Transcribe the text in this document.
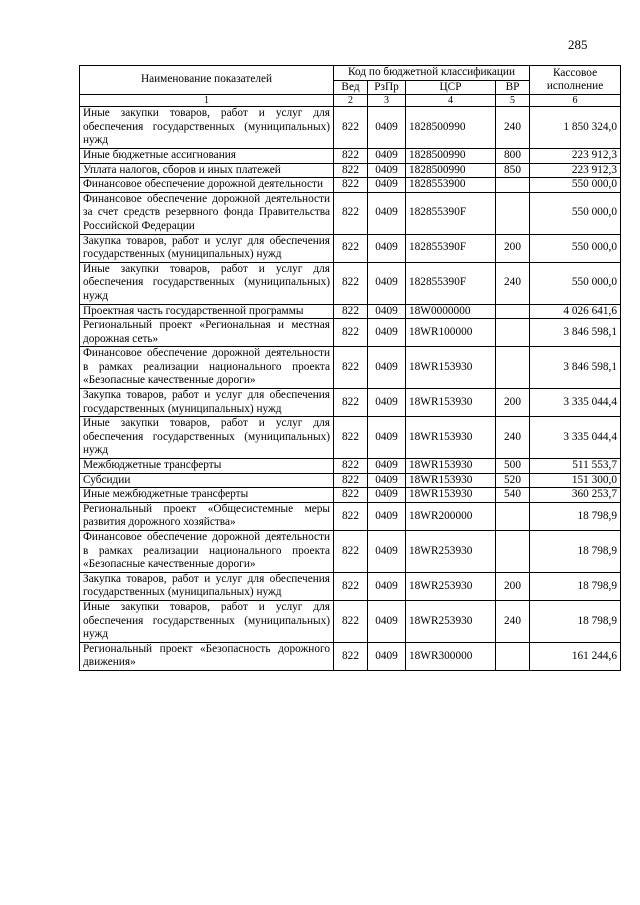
285
Наименование показателей	Код по бюджетной классификации				Кассовое исполнение
	Вед	РзПр	ЦСР	ВР	
1	2	3	4	5	6
Иные закупки товаров, работ и услуг для обеспечения государственных (муниципальных) нужд	822	0409	1828500990	240	1 850 324,0
Иные бюджетные ассигнования	822	0409	1828500990	800	223 912,3
Уплата налогов, сборов и иных платежей	822	0409	1828500990	850	223 912,3
Финансовое обеспечение дорожной деятельности	822	0409	1828553900		550 000,0
Финансовое обеспечение дорожной деятельности за счет средств резервного фонда Правительства Российской Федерации	822	0409	182855390F		550 000,0
Закупка товаров, работ и услуг для обеспечения государственных (муниципальных) нужд	822	0409	182855390F	200	550 000,0
Иные закупки товаров, работ и услуг для обеспечения государственных (муниципальных) нужд	822	0409	182855390F	240	550 000,0
Проектная часть государственной программы	822	0409	18W0000000		4 026 641,6
Региональный проект «Региональная и местная дорожная сеть»	822	0409	18WR100000		3 846 598,1
Финансовое обеспечение дорожной деятельности в рамках реализации национального проекта «Безопасные качественные дороги»	822	0409	18WR153930		3 846 598,1
Закупка товаров, работ и услуг для обеспечения государственных (муниципальных) нужд	822	0409	18WR153930	200	3 335 044,4
Иные закупки товаров, работ и услуг для обеспечения государственных (муниципальных) нужд	822	0409	18WR153930	240	3 335 044,4
Межбюджетные трансферты	822	0409	18WR153930	500	511 553,7
Субсидии	822	0409	18WR153930	520	151 300,0
Иные межбюджетные трансферты	822	0409	18WR153930	540	360 253,7
Региональный проект «Общесистемные меры развития дорожного хозяйства»	822	0409	18WR200000		18 798,9
Финансовое обеспечение дорожной деятельности в рамках реализации национального проекта «Безопасные качественные дороги»	822	0409	18WR253930		18 798,9
Закупка товаров, работ и услуг для обеспечения государственных (муниципальных) нужд	822	0409	18WR253930	200	18 798,9
Иные закупки товаров, работ и услуг для обеспечения государственных (муниципальных) нужд	822	0409	18WR253930	240	18 798,9
Региональный проект «Безопасность дорожного движения»	822	0409	18WR300000		161 244,6
